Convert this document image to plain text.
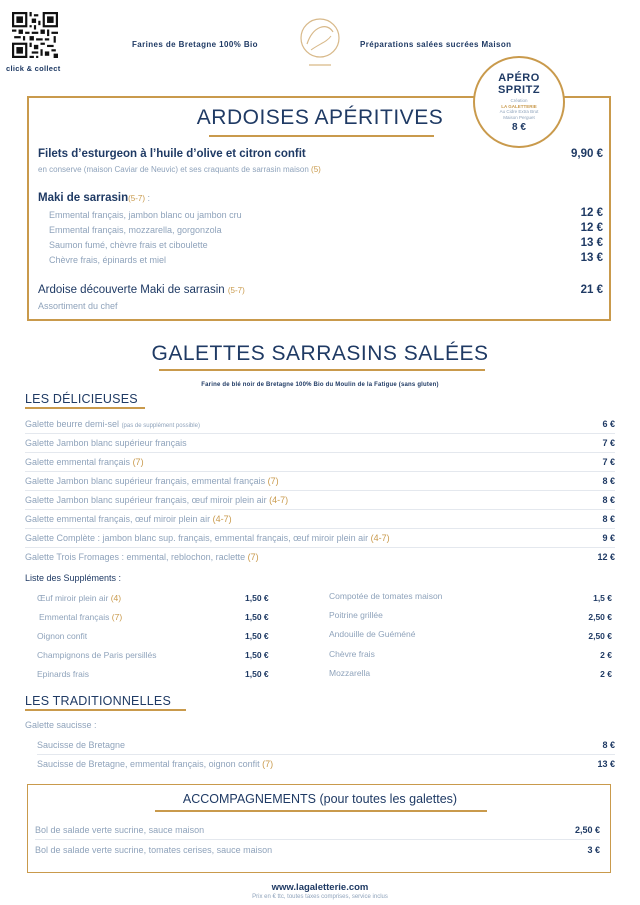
click & collect
Farines de Bretagne 100% Bio	Préparations salées sucrées Maison
APÉRO
SPRITZ
Création
LA GALETTERIE
Au Cidre Extra Brut
Maison Perguet
8 €
ARDOISES APÉRITIVES
Filets d’esturgeon à l’huile d’olive et citron confit	9,90 €
en conserve (maison Caviar de Neuvic) et ses craquants de sarrasin maison (5)
Maki de sarrasin(5-7) :
Emmental français, jambon blanc ou jambon cru	12 €
Emmental français, mozzarella, gorgonzola	12 €
Saumon fumé, chèvre frais et ciboulette	13 €
Chèvre frais, épinards et miel	13 €
Ardoise découverte Maki de sarrasin (5-7)	21 €
Assortiment du chef
GALETTES SARRASINS SALÉES
Farine de blé noir de Bretagne 100% Bio du Moulin de la Fatigue (sans gluten)
LES DÉLICIEUSES
Galette beurre demi-sel (pas de supplément possible)	6 €
Galette Jambon blanc supérieur français	7 €
Galette emmental français (7)	7 €
Galette Jambon blanc supérieur français, emmental français (7)	8 €
Galette Jambon blanc supérieur français, œuf miroir plein air (4-7)	8 €
Galette emmental français, œuf miroir plein air (4-7)	8 €
Galette Complète : jambon blanc sup. français, emmental français, œuf miroir plein air (4-7)	9 €
Galette Trois Fromages : emmental, reblochon, raclette (7)	12 €
Liste des Suppléments :
Œuf miroir plein air (4)	1,50 €
Emmental français (7)	1,50 €
Oignon confit	1,50 €
Champignons de Paris persillés	1,50 €
Epinards frais	1,50 €
Compotée de tomates maison	1,5 €
Poitrine grillée	2,50 €
Andouille de Guéméné	2,50 €
Chèvre frais	2 €
Mozzarella	2 €
LES TRADITIONNELLES
Galette saucisse :
Saucisse de Bretagne	8 €
Saucisse de Bretagne, emmental français, oignon confit (7)	13 €
ACCOMPAGNEMENTS (pour toutes les galettes)
Bol de salade verte sucrine, sauce maison	2,50 €
Bol de salade verte sucrine, tomates cerises, sauce maison	3 €
www.lagaletterie.com
Prix en € ttc, toutes taxes comprises, service inclus
